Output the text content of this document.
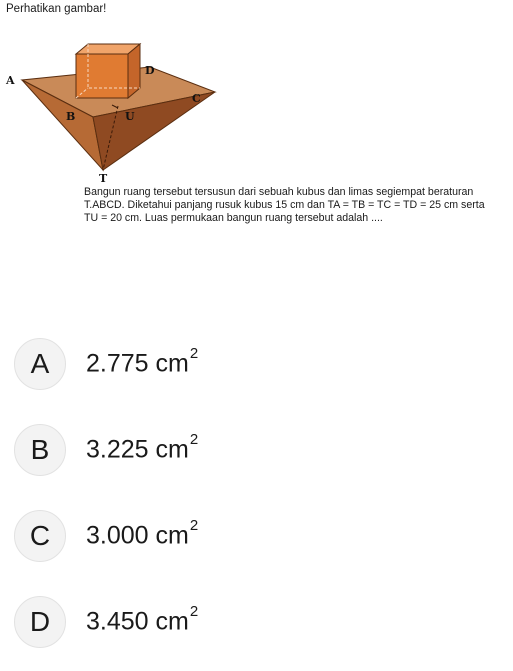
Perhatikan gambar!
A
B
C
D
U
T

Bangun ruang tersebut tersusun dari sebuah kubus dan limas segiempat beraturan

T.ABCD. Diketahui panjang rusuk kubus 15 cm dan TA = TB = TC = TD = 25 cm serta

TU = 20 cm. Luas permukaan bangun ruang tersebut adalah ....

A	2.775 $cm^2$
B	3.225 $cm^2$
C	3.000 $cm^2$
D	3.450 $cm^2$
